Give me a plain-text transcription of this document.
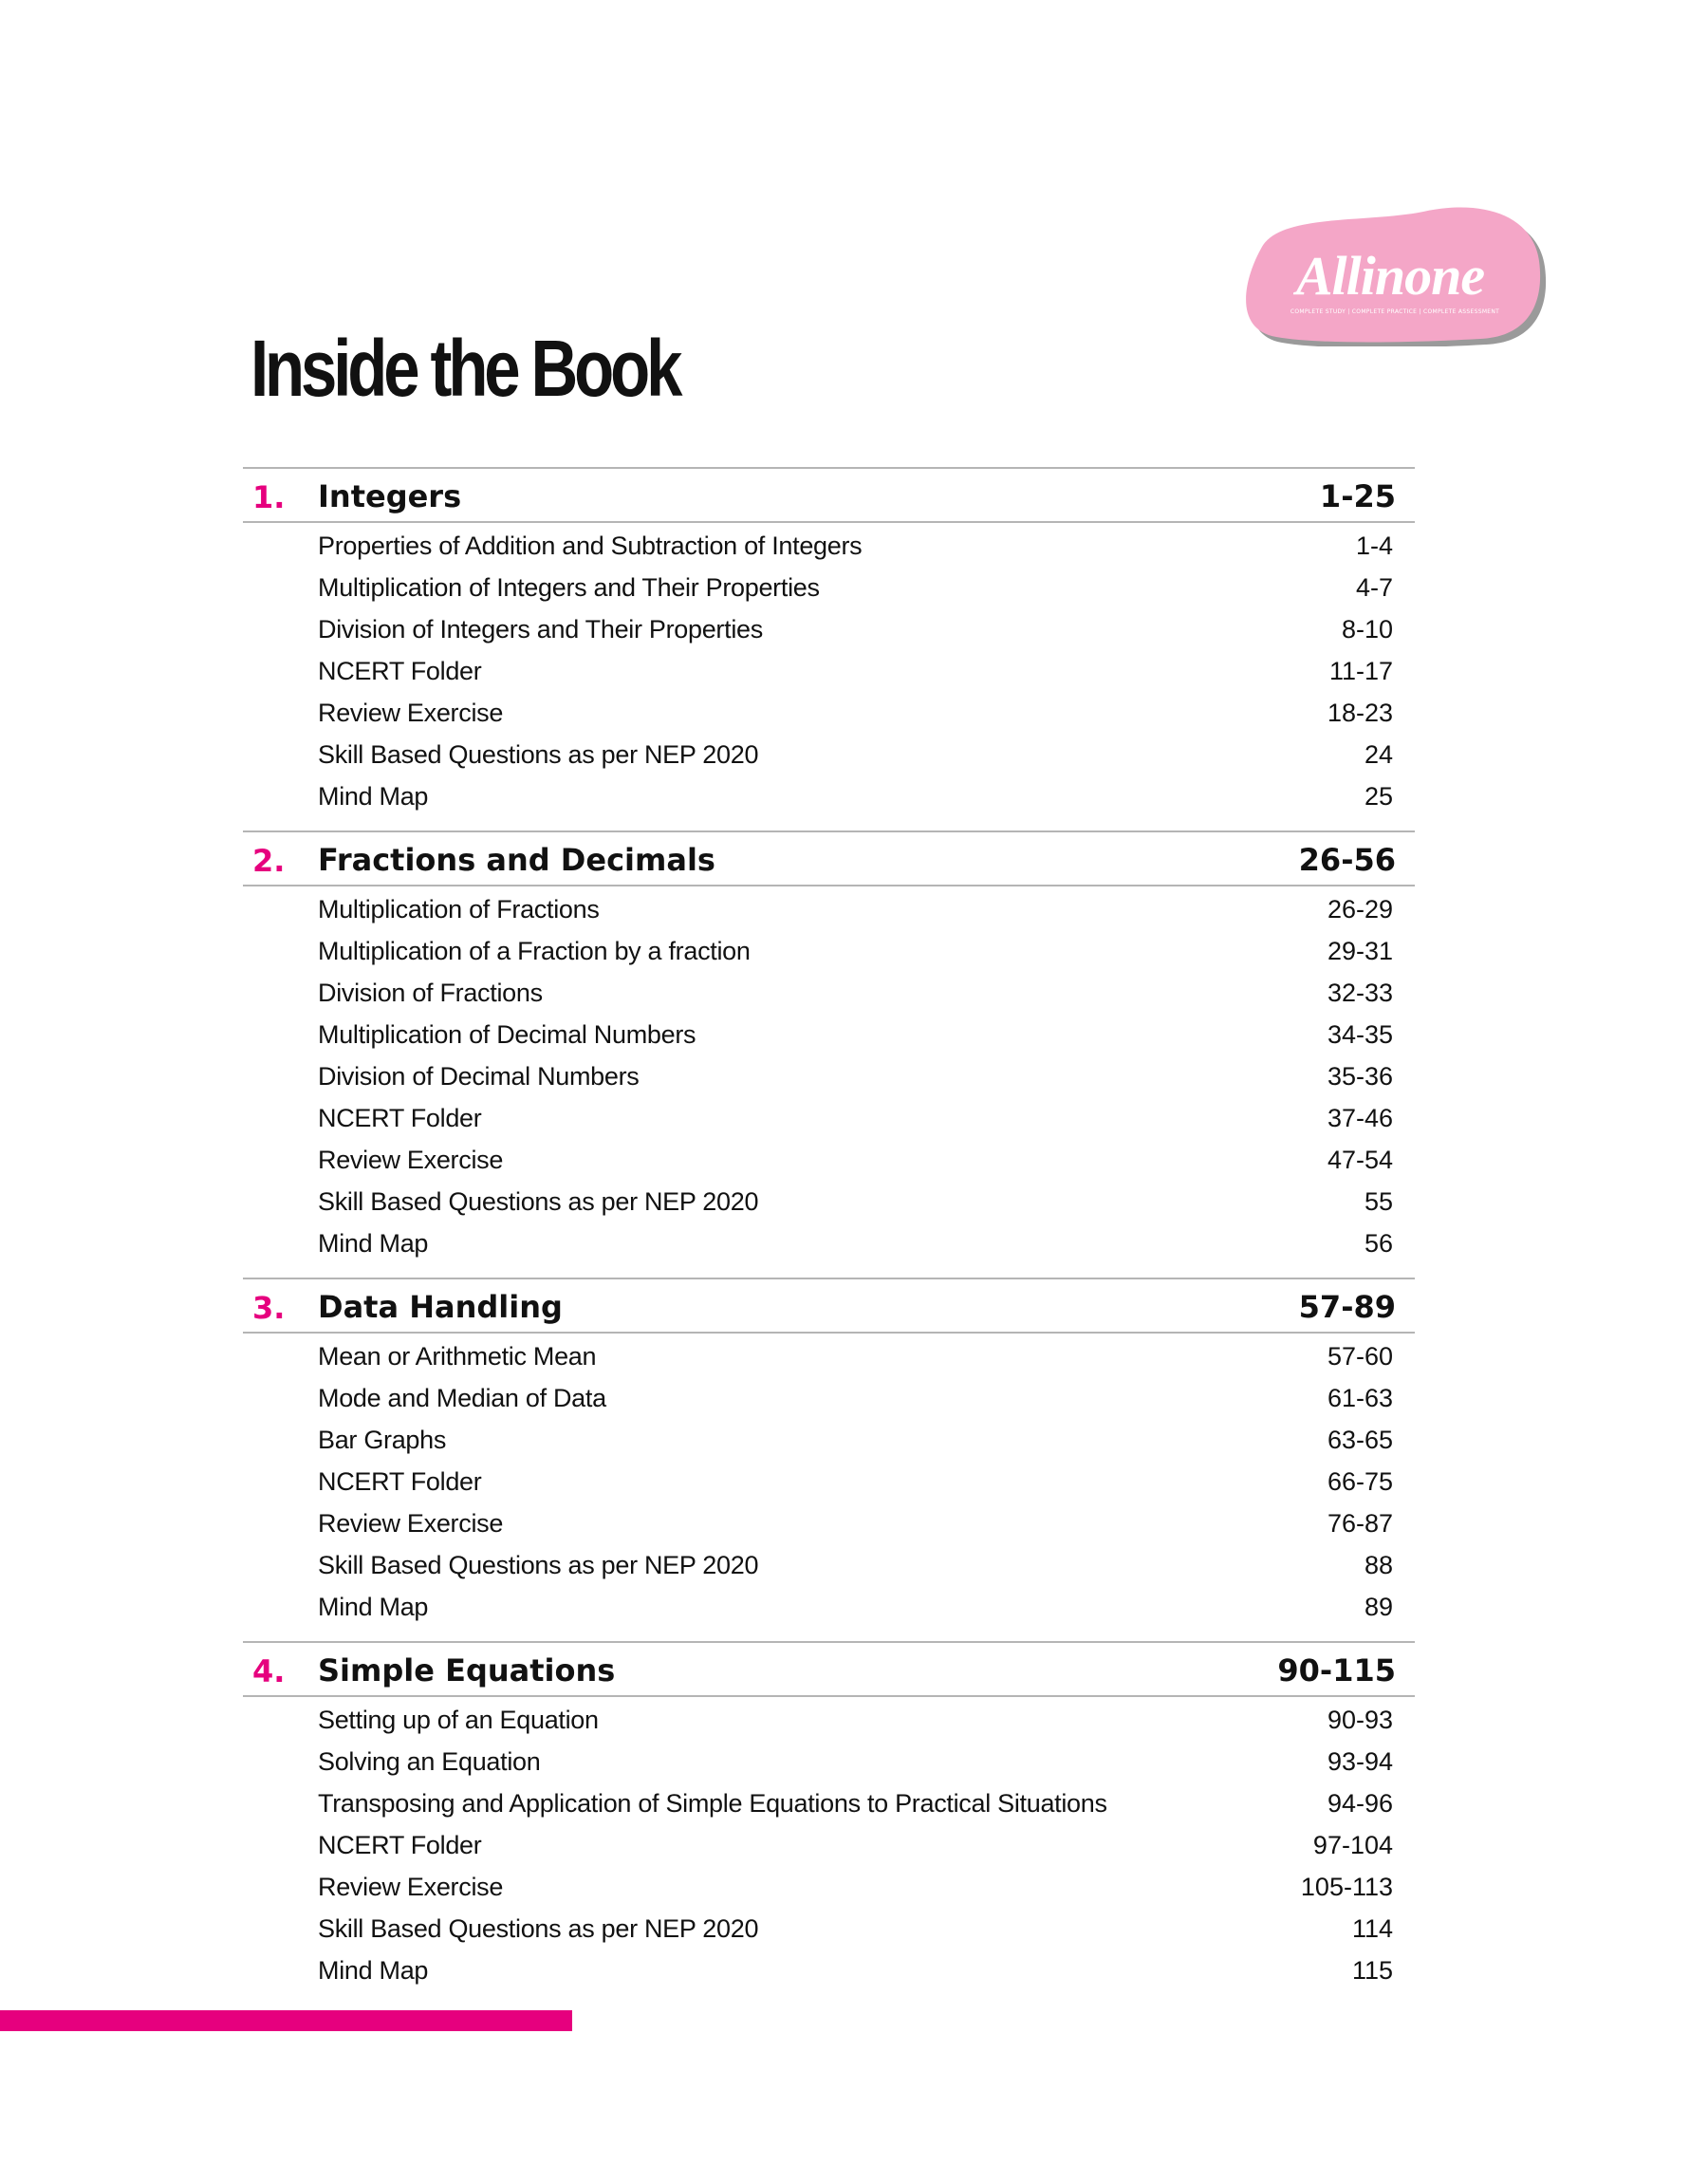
Allinone
COMPLETE STUDY | COMPLETE PRACTICE | COMPLETE ASSESSMENT
Inside the Book
1. Integers	1-25
Properties of Addition and Subtraction of Integers	1-4
Multiplication of Integers and Their Properties	4-7
Division of Integers and Their Properties	8-10
NCERT Folder	11-17
Review Exercise	18-23
Skill Based Questions as per NEP 2020	24
Mind Map	25
2. Fractions and Decimals	26-56
Multiplication of Fractions	26-29
Multiplication of a Fraction by a fraction	29-31
Division of Fractions	32-33
Multiplication of Decimal Numbers	34-35
Division of Decimal Numbers	35-36
NCERT Folder	37-46
Review Exercise	47-54
Skill Based Questions as per NEP 2020	55
Mind Map	56
3. Data Handling	57-89
Mean or Arithmetic Mean	57-60
Mode and Median of Data	61-63
Bar Graphs	63-65
NCERT Folder	66-75
Review Exercise	76-87
Skill Based Questions as per NEP 2020	88
Mind Map	89
4. Simple Equations	90-115
Setting up of an Equation	90-93
Solving an Equation	93-94
Transposing and Application of Simple Equations to Practical Situations	94-96
NCERT Folder	97-104
Review Exercise	105-113
Skill Based Questions as per NEP 2020	114
Mind Map	115
